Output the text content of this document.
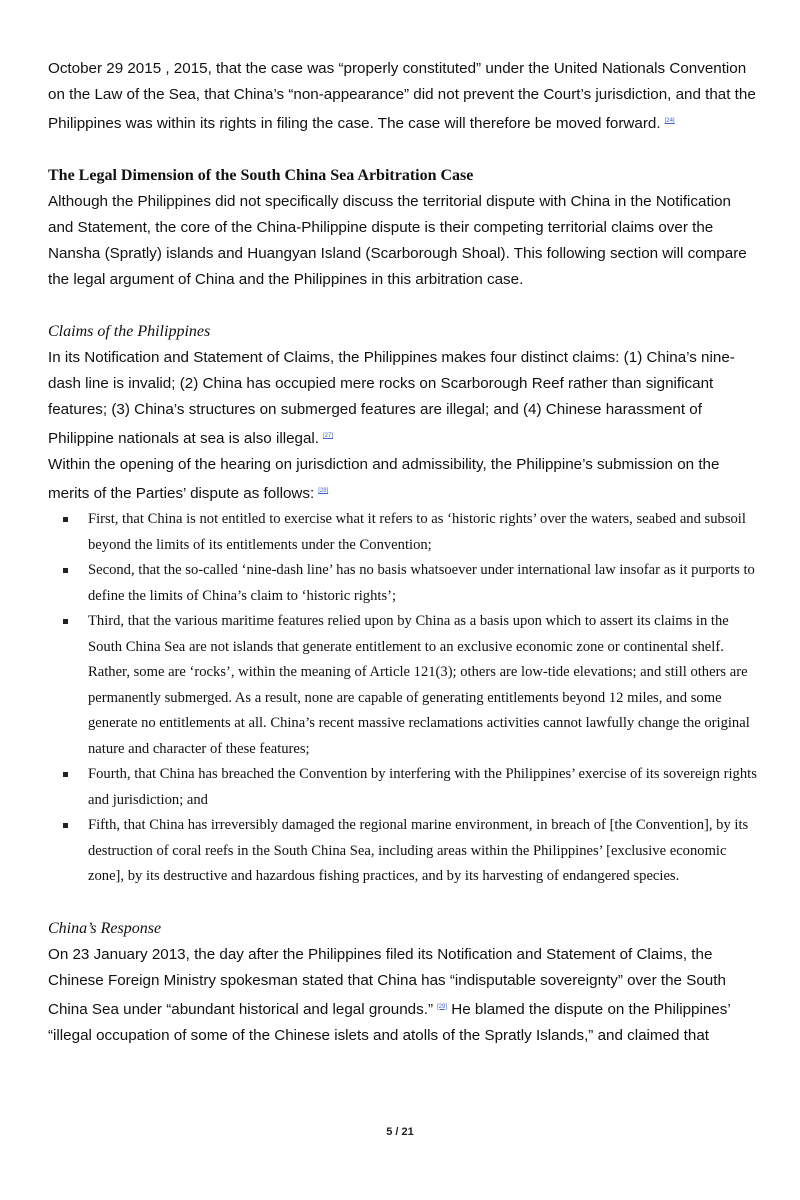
October 29 2015 , 2015, that the case was “properly constituted” under the United Nationals Convention on the Law of the Sea, that China’s “non-appearance” did not prevent the Court’s jurisdiction, and that the Philippines was within its rights in filing the case. The case will therefore be moved forward. [24]

The Legal Dimension of the South China Sea Arbitration Case

Although the Philippines did not specifically discuss the territorial dispute with China in the Notification and Statement, the core of the China-Philippine dispute is their competing territorial claims over the Nansha (Spratly) islands and Huangyan Island (Scarborough Shoal). This following section will compare the legal argument of China and the Philippines in this arbitration case.

Claims of the Philippines

In its Notification and Statement of Claims, the Philippines makes four distinct claims: (1) China’s nine-dash line is invalid; (2) China has occupied mere rocks on Scarborough Reef rather than significant features; (3) China’s structures on submerged features are illegal; and (4) Chinese harassment of Philippine nationals at sea is also illegal. [27]

Within the opening of the hearing on jurisdiction and admissibility, the Philippine’s submission on the merits of the Parties’ dispute as follows: [28]

First, that China is not entitled to exercise what it refers to as ‘historic rights’ over the waters, seabed and subsoil beyond the limits of its entitlements under the Convention;
Second, that the so-called ‘nine-dash line’ has no basis whatsoever under international law insofar as it purports to define the limits of China’s claim to ‘historic rights’;
Third, that the various maritime features relied upon by China as a basis upon which to assert its claims in the South China Sea are not islands that generate entitlement to an exclusive economic zone or continental shelf. Rather, some are ‘rocks’, within the meaning of Article 121(3); others are low-tide elevations; and still others are permanently submerged. As a result, none are capable of generating entitlements beyond 12 miles, and some generate no entitlements at all. China’s recent massive reclamations activities cannot lawfully change the original nature and character of these features;
Fourth, that China has breached the Convention by interfering with the Philippines’ exercise of its sovereign rights and jurisdiction; and
Fifth, that China has irreversibly damaged the regional marine environment, in breach of [the Convention], by its destruction of coral reefs in the South China Sea, including areas within the Philippines’ [exclusive economic zone], by its destructive and hazardous fishing practices, and by its harvesting of endangered species.

China’s Response

On 23 January 2013, the day after the Philippines filed its Notification and Statement of Claims, the Chinese Foreign Ministry spokesman stated that China has “indisputable sovereignty” over the South China Sea under “abundant historical and legal grounds.” [29] He blamed the dispute on the Philippines’ “illegal occupation of some of the Chinese islets and atolls of the Spratly Islands,” and claimed that

5 / 21
